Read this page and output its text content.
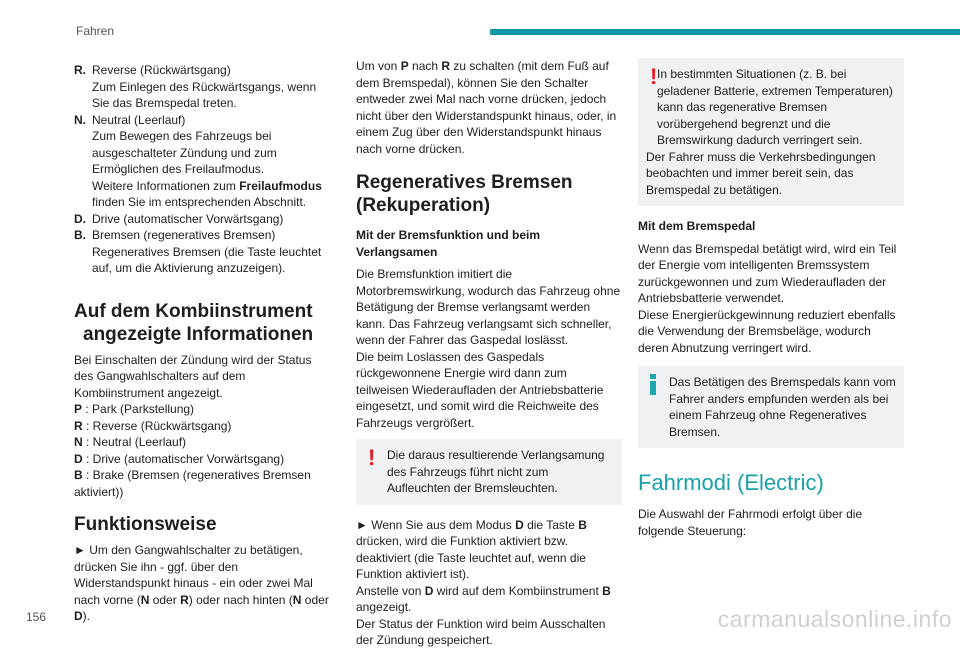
Fahren
R. Reverse (Rückwärtsgang)
Zum Einlegen des Rückwärtsgangs, wenn Sie das Bremspedal treten.
N. Neutral (Leerlauf)
Zum Bewegen des Fahrzeugs bei ausgeschalteter Zündung und zum Ermöglichen des Freilaufmodus.
Weitere Informationen zum Freilaufmodus finden Sie im entsprechenden Abschnitt.
D. Drive (automatischer Vorwärtsgang)
B. Bremsen (regeneratives Bremsen)
Regeneratives Bremsen (die Taste leuchtet auf, um die Aktivierung anzuzeigen).
Auf dem Kombiinstrument angezeigte Informationen

Bei Einschalten der Zündung wird der Status des Gangwahlschalters auf dem Kombiinstrument angezeigt.

P : Park (Parkstellung)
R : Reverse (Rückwärtsgang)
N : Neutral (Leerlauf)
D : Drive (automatischer Vorwärtsgang)
B : Brake (Bremsen (regeneratives Bremsen aktiviert))
Funktionsweise

► Um den Gangwahlschalter zu betätigen, drücken Sie ihn - ggf. über den Widerstandspunkt hinaus - ein oder zwei Mal nach vorne (N oder R) oder nach hinten (N oder D).

Um von P nach R zu schalten (mit dem Fuß auf dem Bremspedal), können Sie den Schalter entweder zwei Mal nach vorne drücken, jedoch nicht über den Widerstandspunkt hinaus, oder, in einem Zug über den Widerstandspunkt hinaus nach vorne drücken.

Regeneratives Bremsen (Rekuperation)
Mit der Bremsfunktion und beim Verlangsamen

Die Bremsfunktion imitiert die Motorbremswirkung, wodurch das Fahrzeug ohne Betätigung der Bremse verlangsamt werden kann. Das Fahrzeug verlangsamt sich schneller, wenn der Fahrer das Gaspedal loslässt.

Die beim Loslassen des Gaspedals rückgewonnene Energie wird dann zum teilweisen Wiederaufladen der Antriebsbatterie eingesetzt, und somit wird die Reichweite des Fahrzeugs vergrößert.

! Die daraus resultierende Verlangsamung des Fahrzeugs führt nicht zum Aufleuchten der Bremsleuchten.

► Wenn Sie aus dem Modus D die Taste B drücken, wird die Funktion aktiviert bzw. deaktiviert (die Taste leuchtet auf, wenn die Funktion aktiviert ist).

Anstelle von D wird auf dem Kombiinstrument B angezeigt.

Der Status der Funktion wird beim Ausschalten der Zündung gespeichert.

! In bestimmten Situationen (z. B. bei geladener Batterie, extremen Temperaturen) kann das regenerative Bremsen vorübergehend begrenzt und die Bremswirkung dadurch verringert sein.

Der Fahrer muss die Verkehrsbedingungen beobachten und immer bereit sein, das Bremspedal zu betätigen.

Mit dem Bremspedal

Wenn das Bremspedal betätigt wird, wird ein Teil der Energie vom intelligenten Bremssystem zurückgewonnen und zum Wiederaufladen der Antriebsbatterie verwendet.

Diese Energierückgewinnung reduziert ebenfalls die Verwendung der Bremsbeläge, wodurch deren Abnutzung verringert wird.

Das Betätigen des Bremspedals kann vom Fahrer anders empfunden werden als bei einem Fahrzeug ohne Regeneratives Bremsen.

Fahrmodi (Electric)

Die Auswahl der Fahrmodi erfolgt über die folgende Steuerung:

156	carmanualsonline.info
